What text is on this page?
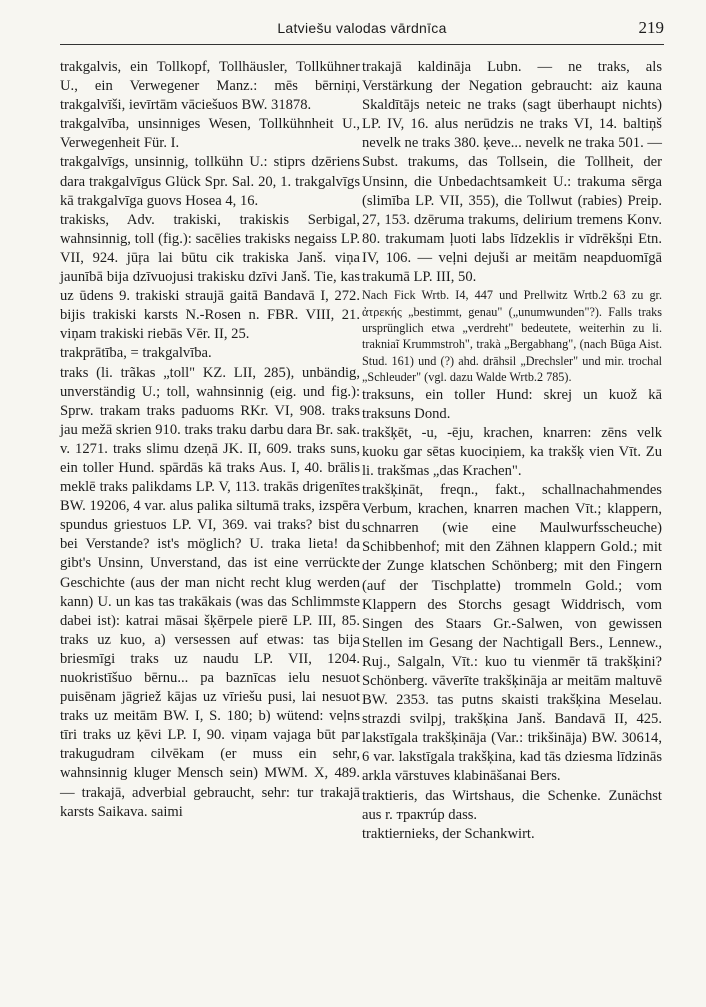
Latviešu valodas vārdnīca	219

trakgalvis, ein Tollkopf, Tollhäusler, Tollkühner U., ein Verwegener Manz.: mēs bērniņi, trakgalvīši, ievīrtām vāciešuos BW. 31878.

trakgalvība, unsinniges Wesen, Tollkühnheit U., Verwegenheit Für. I.

trakgalvīgs, unsinnig, tollkühn U.: stiprs dzēriens dara trakgalvīgus Glück Spr. Sal. 20, 1. trakgalvīgs kā trakgalvīga guovs Hosea 4, 16.

trakisks, Adv. trakiski, trakiskis Serbigal, wahnsinnig, toll (fig.): sacēlies trakisks negaiss LP. VII, 924. jūŗa lai būtu cik trakiska Janš. viņa jaunībā bija dzīvuojusi trakisku dzīvi Janš. Tie, kas uz ūdens 9. trakiski straujā gaitā Bandavā I, 272. bijis trakiski karsts N.-Rosen n. FBR. VIII, 21. viņam trakiski riebās Vēr. II, 25.

trakprātība, = trakgalvība.

traks (li. trãkas „toll" KZ. LII, 285), unbändig, unverständig U.; toll, wahnsinnig (eig. und fig.): Sprw. trakam traks paduoms RKr. VI, 908. traks jau mežā skrien 910. traks traku darbu dara Br. sak. v. 1271. traks slimu dzeņā JK. II, 609. traks suns, ein toller Hund. spārdās kā traks Aus. I, 40. brālis meklē traks palikdams LP. V, 113. trakās drigenītes BW. 19206, 4 var. alus palika siltumā traks, izspēra spundus griestuos LP. VI, 369. vai traks? bist du bei Verstande? ist's möglich? U. traka lieta! da gibt's Unsinn, Unverstand, das ist eine verrückte Geschichte (aus der man nicht recht klug werden kann) U. un kas tas trakākais (was das Schlimmste dabei ist): katrai māsai šķērpele pierē LP. III, 85. traks uz kuo, a) versessen auf etwas: tas bija briesmīgi traks uz naudu LP. VII, 1204. nuokristīšuo bērnu... pa baznīcas ielu nesuot puisēnam jāgriež kājas uz vīriešu pusi, lai nesuot traks uz meitām BW. I, S. 180; b) wütend: veļns tīri traks uz ķēvi LP. I, 90. viņam vajaga būt par trakugudram cilvēkam (er muss ein sehr, wahnsinnig kluger Mensch sein) MWM. X, 489. — trakajā, adverbial gebraucht, sehr: tur trakajā karsts Saikava. saimi

trakajā kaldināja Lubn. — ne traks, als Verstärkung der Negation gebraucht: aiz kauna Skaldītājs neteic ne traks (sagt überhaupt nichts) LP. IV, 16. alus nerūdzis ne traks VI, 14. baltiņš nevelk ne traks 380. ķeve... nevelk ne traka 501. — Subst. trakums, das Tollsein, die Tollheit, der Unsinn, die Unbedachtsamkeit U.: trakuma sērga (slimība LP. VII, 355), die Tollwut (rabies) Preip. 27, 153. dzēruma trakums, delirium tremens Konv. 80. trakumam ļuoti labs līdzeklis ir vīdrēkšņi Etn. IV, 106. — veļni dejuši ar meitām neapduomīgā trakumā LP. III, 50.

Nach Fick Wrtb. I4, 447 und Prellwitz Wrtb.2 63 zu gr. ἀτρεκής „bestimmt, genau" („unumwunden"?). Falls traks ursprünglich etwa „verdreht" bedeutete, weiterhin zu li. trakniaĩ Krummstroh", trakà „Bergabhang", (nach Būga Aist. Stud. 161) und (?) ahd. drāhsil „Drechsler" und mir. trochal „Schleuder" (vgl. dazu Walde Wrtb.2 785).

traksuns, ein toller Hund: skrej un kuož kā traksuns Dond.

trakšķēt, -u, -ēju, krachen, knarren: zēns velk kuoku gar sētas kuociņiem, ka trakšķ vien Vīt. Zu li. trakšmas „das Krachen".

trakšķināt, freqn., fakt., schallnachahmendes Verbum, krachen, knarren machen Vīt.; klappern, schnarren (wie eine Maulwurfsscheuche) Schibbenhof; mit den Zähnen klappern Gold.; mit der Zunge klatschen Schönberg; mit den Fingern (auf der Tischplatte) trommeln Gold.; vom Klappern des Storchs gesagt Widdrisch, vom Singen des Staars Gr.-Salwen, von gewissen Stellen im Gesang der Nachtigall Bers., Lennew., Ruj., Salgaln, Vīt.: kuo tu vienmēr tā trakšķini? Schönberg. vāverīte trakšķināja ar meitām maltuvē BW. 2353. tas putns skaisti trakšķina Meselau. strazdi svilpj, trakšķina Janš. Bandavā II, 425. lakstīgala trakšķināja (Var.: trikšināja) BW. 30614, 6 var. lakstīgala trakšķina, kad tās dziesma līdzinās arkla vārstuves klabināšanai Bers.

traktieris, das Wirtshaus, die Schenke. Zunächst aus r. трактúр dass.

traktiernieks, der Schankwirt.
